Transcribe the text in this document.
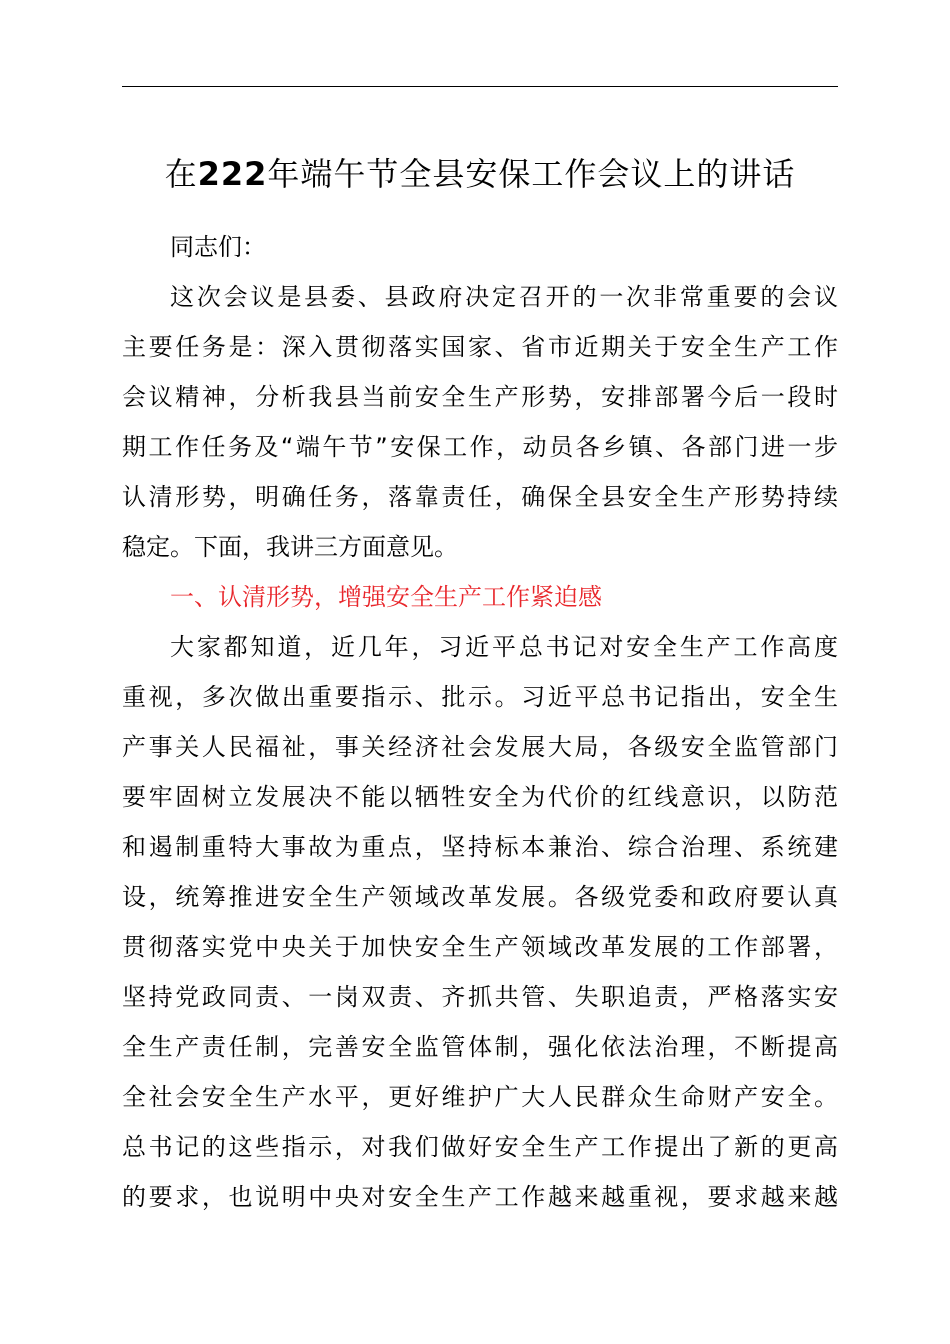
在222年端午节全县安保工作会议上的讲话
同志们：
这次会议是县委、县政府决定召开的一次非常重要的会议
主要任务是：深入贯彻落实国家、省市近期关于安全生产工作
会议精神，分析我县当前安全生产形势，安排部署今后一段时
期工作任务及“端午节”安保工作，动员各乡镇、各部门进一步
认清形势，明确任务，落靠责任，确保全县安全生产形势持续
稳定。下面，我讲三方面意见。
一、认清形势，增强安全生产工作紧迫感
大家都知道，近几年，习近平总书记对安全生产工作高度
重视，多次做出重要指示、批示。习近平总书记指出，安全生
产事关人民福祉，事关经济社会发展大局，各级安全监管部门
要牢固树立发展决不能以牺牲安全为代价的红线意识，以防范
和遏制重特大事故为重点，坚持标本兼治、综合治理、系统建
设，统筹推进安全生产领域改革发展。各级党委和政府要认真
贯彻落实党中央关于加快安全生产领域改革发展的工作部署，
坚持党政同责、一岗双责、齐抓共管、失职追责，严格落实安
全生产责任制，完善安全监管体制，强化依法治理，不断提高
全社会安全生产水平，更好维护广大人民群众生命财产安全。
总书记的这些指示，对我们做好安全生产工作提出了新的更高
的要求，也说明中央对安全生产工作越来越重视，要求越来越
